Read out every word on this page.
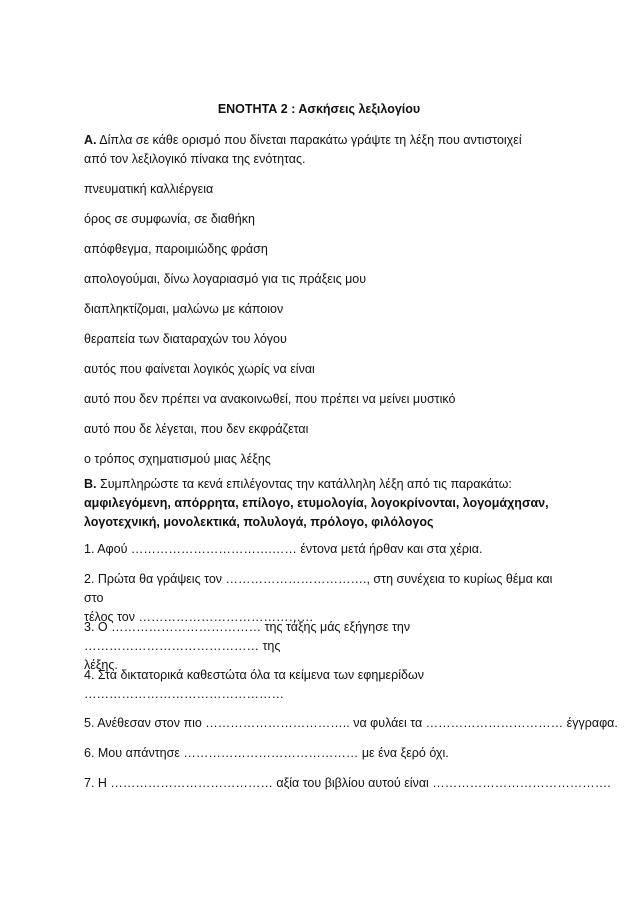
ΕΝΟΤΗΤΑ 2 : Ασκήσεις λεξιλογίου
Α. Δίπλα σε κάθε ορισμό που δίνεται παρακάτω γράψτε τη λέξη που αντιστοιχεί
από τον λεξιλογικό πίνακα της ενότητας.
πνευματική καλλιέργεια
όρος σε συμφωνία, σε διαθήκη
απόφθεγμα, παροιμιώδης φράση
απολογούμαι, δίνω λογαριασμό για τις πράξεις μου
διαπληκτίζομαι, μαλώνω με κάποιον
θεραπεία των διαταραχών του λόγου
αυτός που φαίνεται λογικός χωρίς να είναι
αυτό που δεν πρέπει να ανακοινωθεί, που πρέπει να μείνει μυστικό
αυτό που δε λέγεται, που δεν εκφράζεται
ο τρόπος σχηματισμού μιας λέξης
Β. Συμπληρώστε τα κενά επιλέγοντας την κατάλληλη λέξη από τις παρακάτω:
αμφιλεγόμενη, απόρρητα, επίλογο, ετυμολογία, λογοκρίνονται, λογομάχησαν,
λογοτεχνική, μονολεκτικά, πολυλογά, πρόλογο, φιλόλογος
1. Αφού …………………………….…… έντονα μετά ήρθαν και στα χέρια.
2. Πρώτα θα γράψεις τον ……………………………., στη συνέχεια το κυρίως θέμα και στο
τέλος τον ……………………………………
3. Ο ……………………………… της τάξης μάς εξήγησε την …………………………………… της
λέξης.
4. Στα δικτατορικά καθεστώτα όλα τα κείμενα των εφημερίδων
…………………………………………
5. Ανέθεσαν στον πιο …………………………….. να φυλάει τα …………………………… έγγραφα.
6. Μου απάντησε …………………………………… με ένα ξερό όχι.
7. Η ………………………………… αξία του βιβλίου αυτού είναι …………………………………….
